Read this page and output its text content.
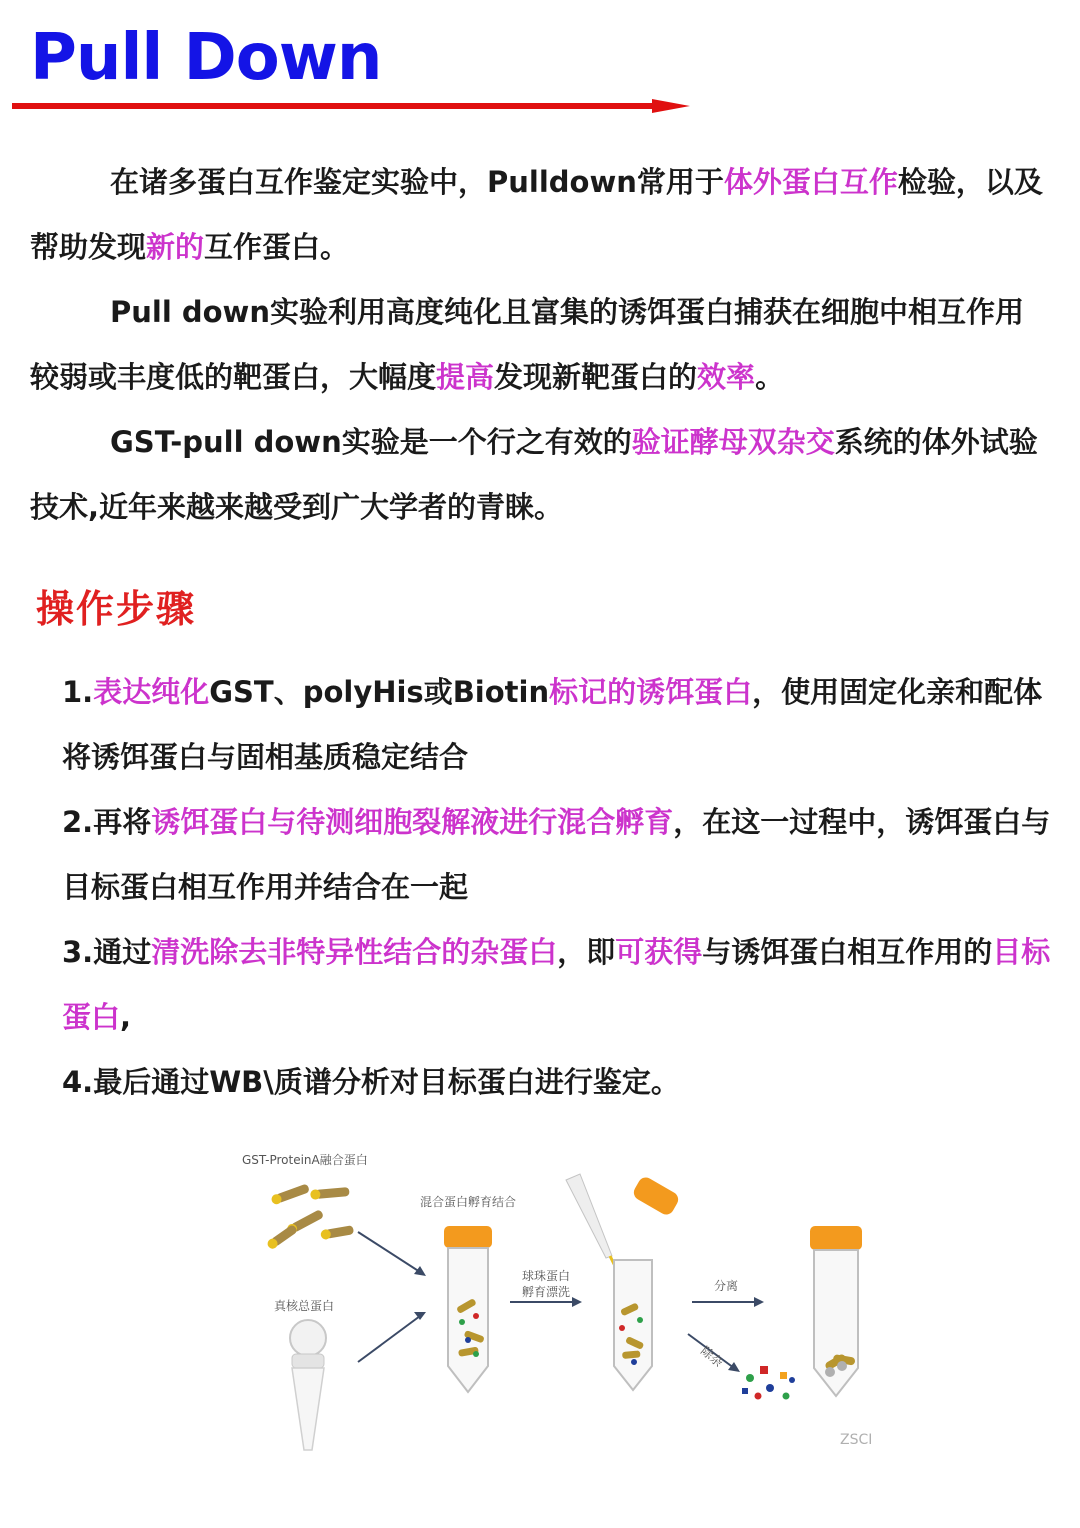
Pull Down
在诸多蛋白互作鉴定实验中，Pulldown常用于体外蛋白互作检验，以及帮助发现新的互作蛋白。
Pull down实验利用高度纯化且富集的诱饵蛋白捕获在细胞中相互作用较弱或丰度低的靶蛋白，大幅度提高发现新靶蛋白的效率。
GST-pull down实验是一个行之有效的验证酵母双杂交系统的体外试验技术,近年来越来越受到广大学者的青睐。
操作步骤

1.表达纯化GST、polyHis或Biotin标记的诱饵蛋白，使用固定化亲和配体将诱饵蛋白与固相基质稳定结合

2.再将诱饵蛋白与待测细胞裂解液进行混合孵育，在这一过程中，诱饵蛋白与目标蛋白相互作用并结合在一起

3.通过清洗除去非特异性结合的杂蛋白，即可获得与诱饵蛋白相互作用的目标蛋白,

4.最后通过WB\质谱分析对目标蛋白进行鉴定。

GST-ProteinA融合蛋白
真核总蛋白
混合蛋白孵育结合
球珠蛋白
孵育漂洗	分离
除杂
ZSCI
